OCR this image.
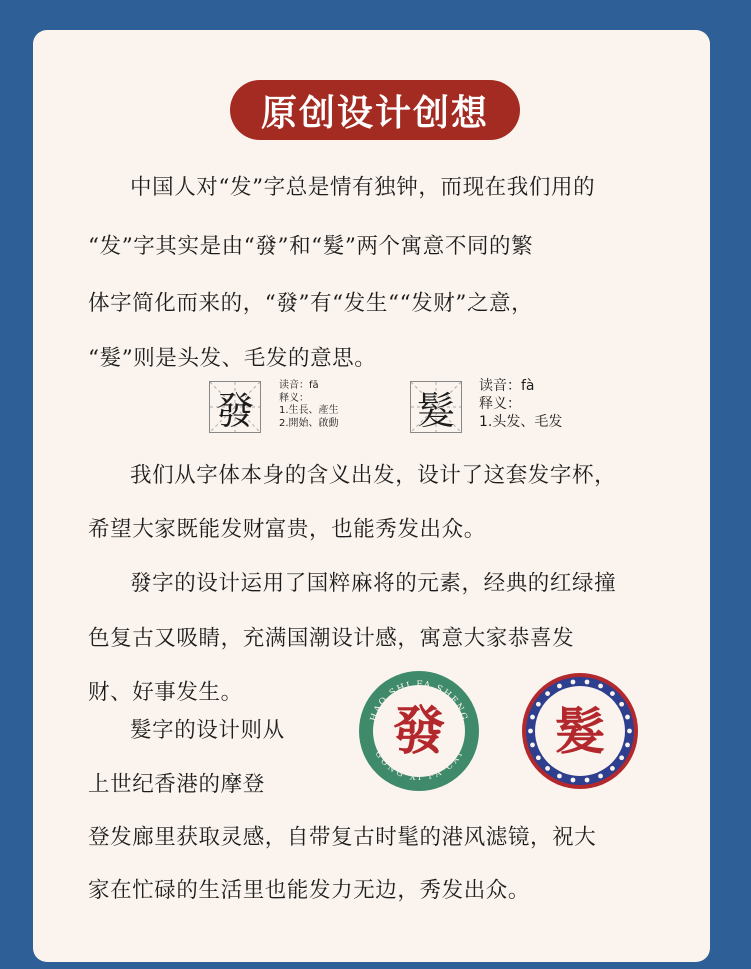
原创设计创想
中国人对“发”字总是情有独钟，而现在我们用的
“发”字其实是由“發”和“髮”两个寓意不同的繁
体字简化而来的，“發”有“发生““发财”之意，
“髮”则是头发、毛发的意思。
發
读音：fā
释义：
1.生長、產生
2.開始、啟動 髮
读音：fà
释义：
1.头发、毛发
我们从字体本身的含义出发，设计了这套发字杯，
希望大家既能发财富贵，也能秀发出众。
發字的设计运用了国粹麻将的元素，经典的红绿撞
色复古又吸睛，充满国潮设计感，寓意大家恭喜发
财、好事发生。
髮字的设计则从
上世纪香港的摩登
登发廊里获取灵感，自带复古时髦的港风滤镜，祝大
家在忙碌的生活里也能发力无边，秀发出众。
HAO SHI FA SHENG
GONG XI FA CAI
發 髮
